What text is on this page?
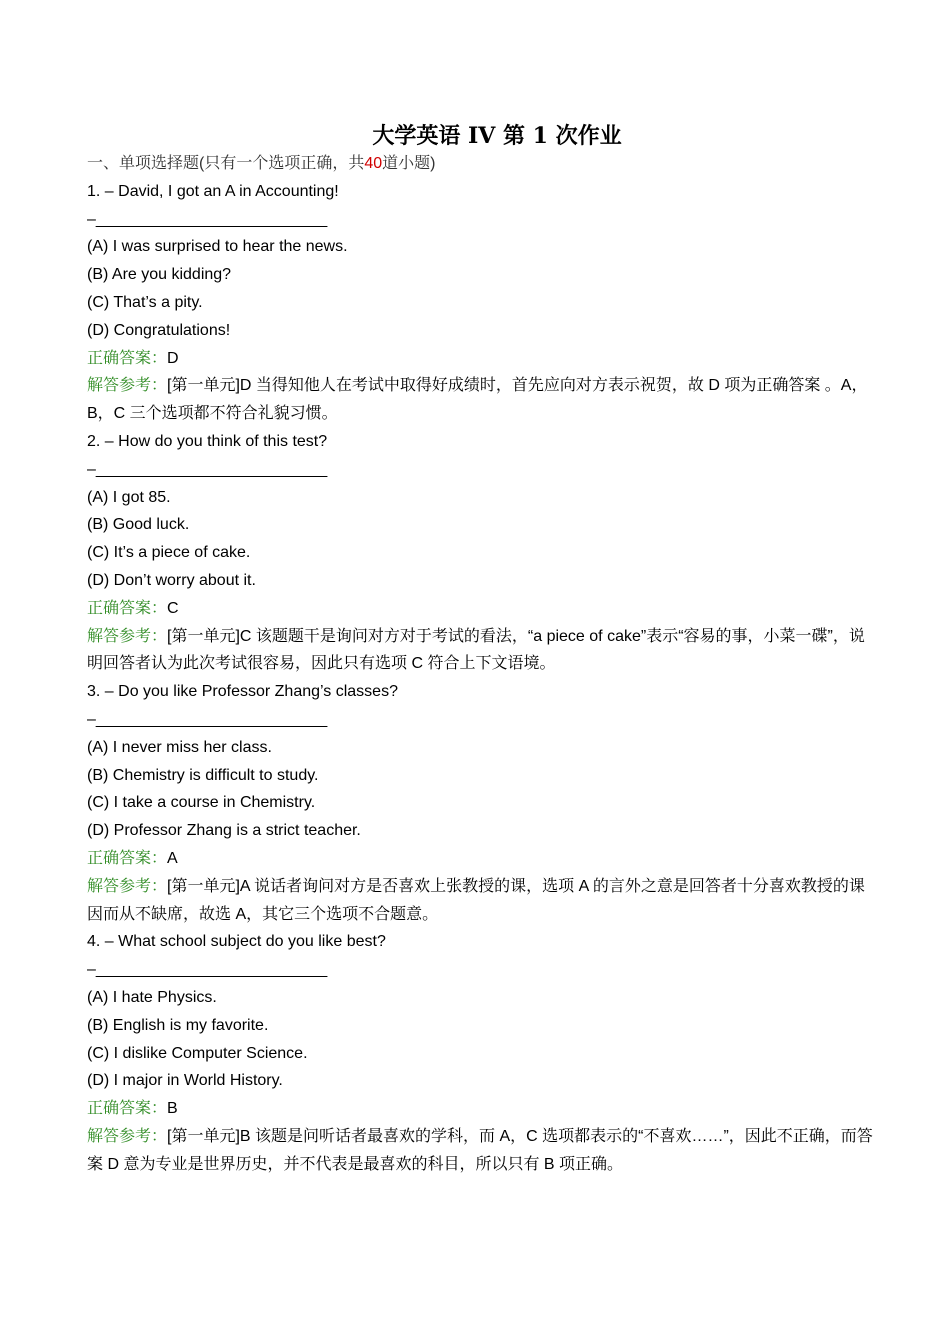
大学英语 IV 第 1 次作业
一、单项选择题(只有一个选项正确，共40道小题)
1. – David, I got an A in Accounting!
–__________________________
(A) I was surprised to hear the news.
(B) Are you kidding?
(C) That’s a pity.
(D) Congratulations!
正确答案：D
解答参考：[第一单元]D 当得知他人在考试中取得好成绩时，首先应向对方表示祝贺，故 D 项为正确答案 。A，B，C 三个选项都不符合礼貌习惯。
2. – How do you think of this test?
–__________________________
(A) I got 85.
(B) Good luck.
(C) It’s a piece of cake.
(D) Don’t worry about it.
正确答案：C
解答参考：[第一单元]C 该题题干是询问对方对于考试的看法，“a piece of cake”表示“容易的事，小菜一碟”，说明回答者认为此次考试很容易，因此只有选项 C 符合上下文语境。
3. – Do you like Professor Zhang’s classes?
–__________________________
(A) I never miss her class.
(B) Chemistry is difficult to study.
(C) I take a course in Chemistry.
(D) Professor Zhang is a strict teacher.
正确答案：A
解答参考：[第一单元]A 说话者询问对方是否喜欢上张教授的课，选项 A 的言外之意是回答者十分喜欢教授的课因而从不缺席，故选 A，其它三个选项不合题意。
4. – What school subject do you like best?
–__________________________
(A) I hate Physics.
(B) English is my favorite.
(C) I dislike Computer Science.
(D) I major in World History.
正确答案：B
解答参考：[第一单元]B 该题是问听话者最喜欢的学科，而 A，C 选项都表示的“不喜欢……”，因此不正确，而答案 D 意为专业是世界历史，并不代表是最喜欢的科目，所以只有 B 项正确。
